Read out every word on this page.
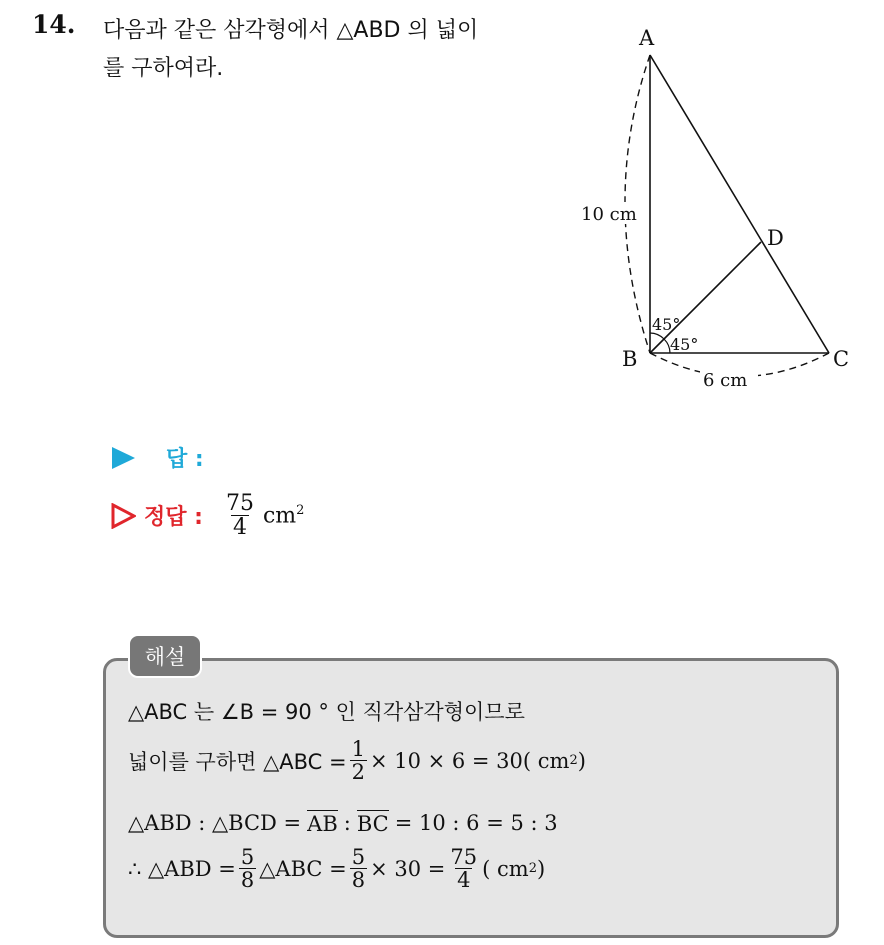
14. 다음과 같은 삼각형에서 △ABD 의 넓이
를 구하여라.
A
B	C
D
10 cm
6 cm
45°
45°
답 :
정답 : $\frac{75}{4} cm^2$
해설
△ABC 는 ∠B = 90 ° 인 직각삼각형이므로
넓이를 구하면 △ABC = $\frac{1}{2} \times 10 \times 6 = 30$( cm 2 )
△ABD : △BCD = AB : BC = 10 : 6 = 5 : 3
∴ △ABD = $\frac{5}{8}$ △ABC = $\frac{5}{8} \times 30 = \frac{75}{4}$ ( cm 2 )
